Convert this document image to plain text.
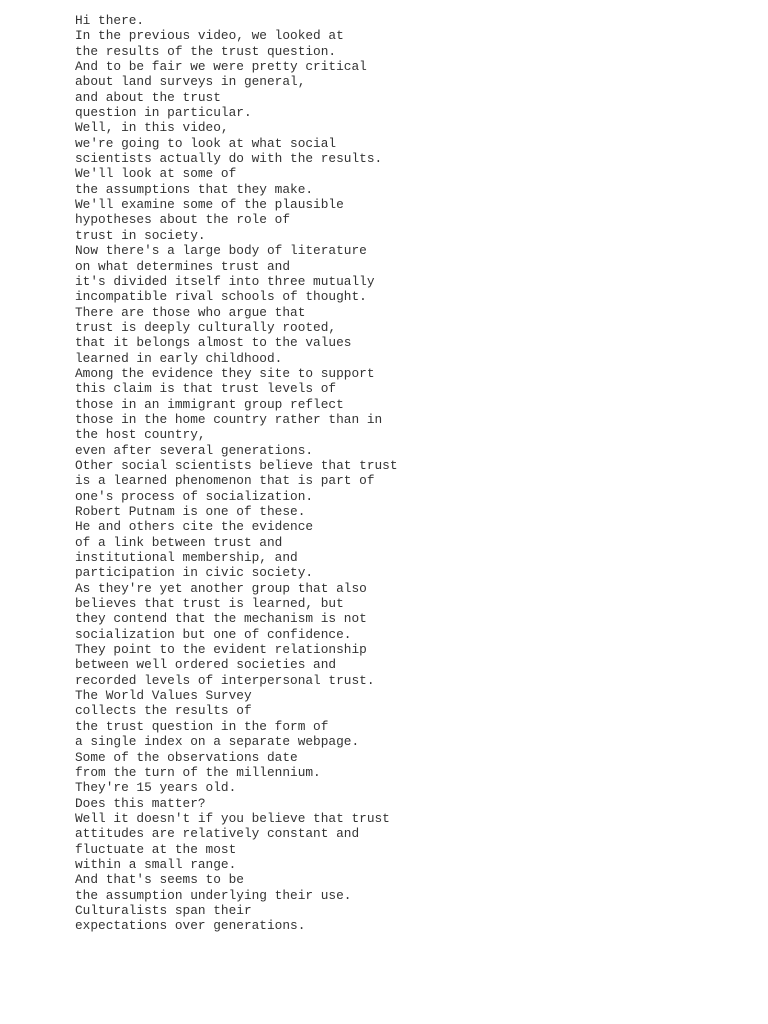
Hi there.
In the previous video, we looked at
the results of the trust question.
And to be fair we were pretty critical
about land surveys in general,
and about the trust
question in particular.
Well, in this video,
we're going to look at what social
scientists actually do with the results.
We'll look at some of
the assumptions that they make.
We'll examine some of the plausible
hypotheses about the role of
trust in society.
Now there's a large body of literature
on what determines trust and
it's divided itself into three mutually
incompatible rival schools of thought.
There are those who argue that
trust is deeply culturally rooted,
that it belongs almost to the values
learned in early childhood.
Among the evidence they site to support
this claim is that trust levels of
those in an immigrant group reflect
those in the home country rather than in
the host country,
even after several generations.
Other social scientists believe that trust
is a learned phenomenon that is part of
one's process of socialization.
Robert Putnam is one of these.
He and others cite the evidence
of a link between trust and
institutional membership, and
participation in civic society.
As they're yet another group that also
believes that trust is learned, but
they contend that the mechanism is not
socialization but one of confidence.
They point to the evident relationship
between well ordered societies and
recorded levels of interpersonal trust.
The World Values Survey
collects the results of
the trust question in the form of
a single index on a separate webpage.
Some of the observations date
from the turn of the millennium.
They're 15 years old.
Does this matter?
Well it doesn't if you believe that trust
attitudes are relatively constant and
fluctuate at the most
within a small range.
And that's seems to be
the assumption underlying their use.
Culturalists span their
expectations over generations.
